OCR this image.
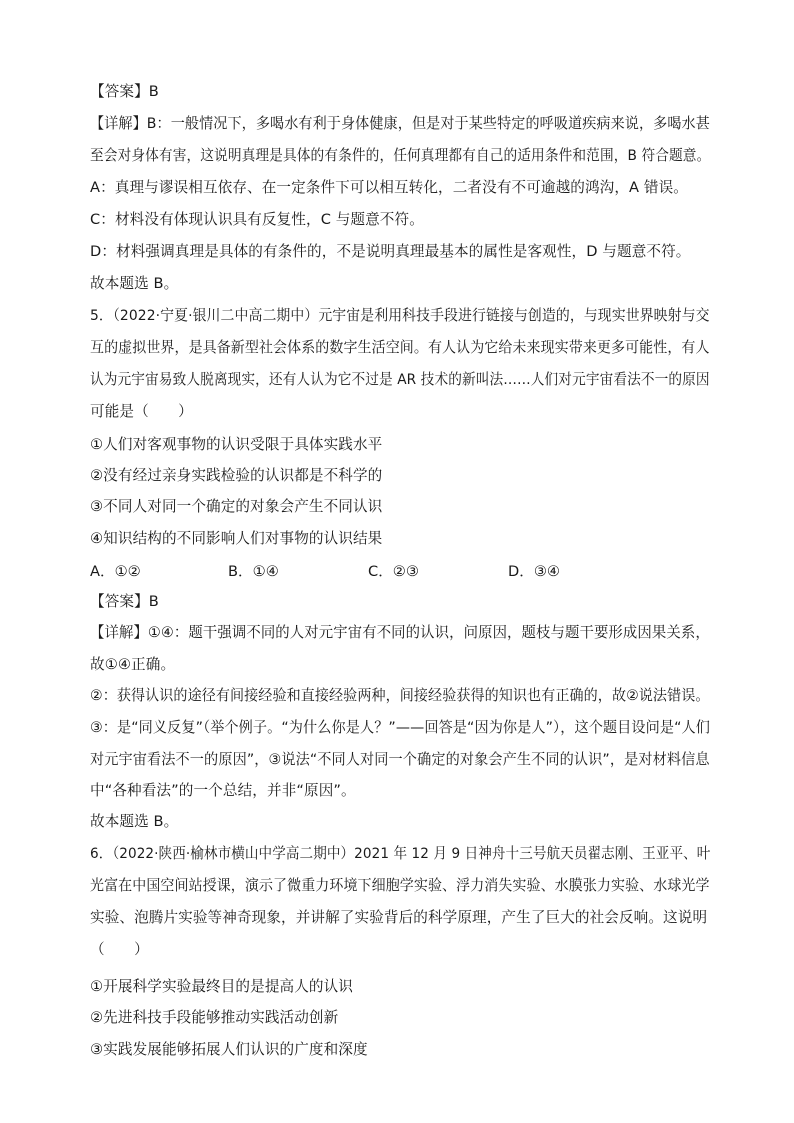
【答案】B
【详解】B：一般情况下，多喝水有利于身体健康，但是对于某些特定的呼吸道疾病来说，多喝水甚
至会对身体有害，这说明真理是具体的有条件的，任何真理都有自己的适用条件和范围，B 符合题意。
A：真理与谬误相互依存、在一定条件下可以相互转化，二者没有不可逾越的鸿沟，A 错误。
C：材料没有体现认识具有反复性，C 与题意不符。
D：材料强调真理是具体的有条件的，不是说明真理最基本的属性是客观性，D 与题意不符。
故本题选 B。
5．（2022·宁夏·银川二中高二期中）元宇宙是利用科技手段进行链接与创造的，与现实世界映射与交
互的虚拟世界，是具备新型社会体系的数字生活空间。有人认为它给未来现实带来更多可能性，有人
认为元宇宙易致人脱离现实，还有人认为它不过是 AR 技术的新叫法……人们对元宇宙看法不一的原因
可能是（　　）
①人们对客观事物的认识受限于具体实践水平
②没有经过亲身实践检验的认识都是不科学的
③不同人对同一个确定的对象会产生不同认识
④知识结构的不同影响人们对事物的认识结果
A．①②	B．①④	C．②③	D．③④
【答案】B
【详解】①④：题干强调不同的人对元宇宙有不同的认识，问原因，题枝与题干要形成因果关系，
故①④正确。
②：获得认识的途径有间接经验和直接经验两种，间接经验获得的知识也有正确的，故②说法错误。
③：是“同义反复”（举个例子。“为什么你是人？”——回答是“因为你是人”），这个题目设问是“人们
对元宇宙看法不一的原因”，③说法“不同人对同一个确定的对象会产生不同的认识”，是对材料信息
中“各种看法”的一个总结，并非“原因”。
故本题选 B。
6．（2022·陕西·榆林市横山中学高二期中）2021 年 12 月 9 日神舟十三号航天员翟志刚、王亚平、叶
光富在中国空间站授课，演示了微重力环境下细胞学实验、浮力消失实验、水膜张力实验、水球光学
实验、泡腾片实验等神奇现象，并讲解了实验背后的科学原理，产生了巨大的社会反响。这说明
（　　）
①开展科学实验最终目的是提高人的认识
②先进科技手段能够推动实践活动创新
③实践发展能够拓展人们认识的广度和深度
